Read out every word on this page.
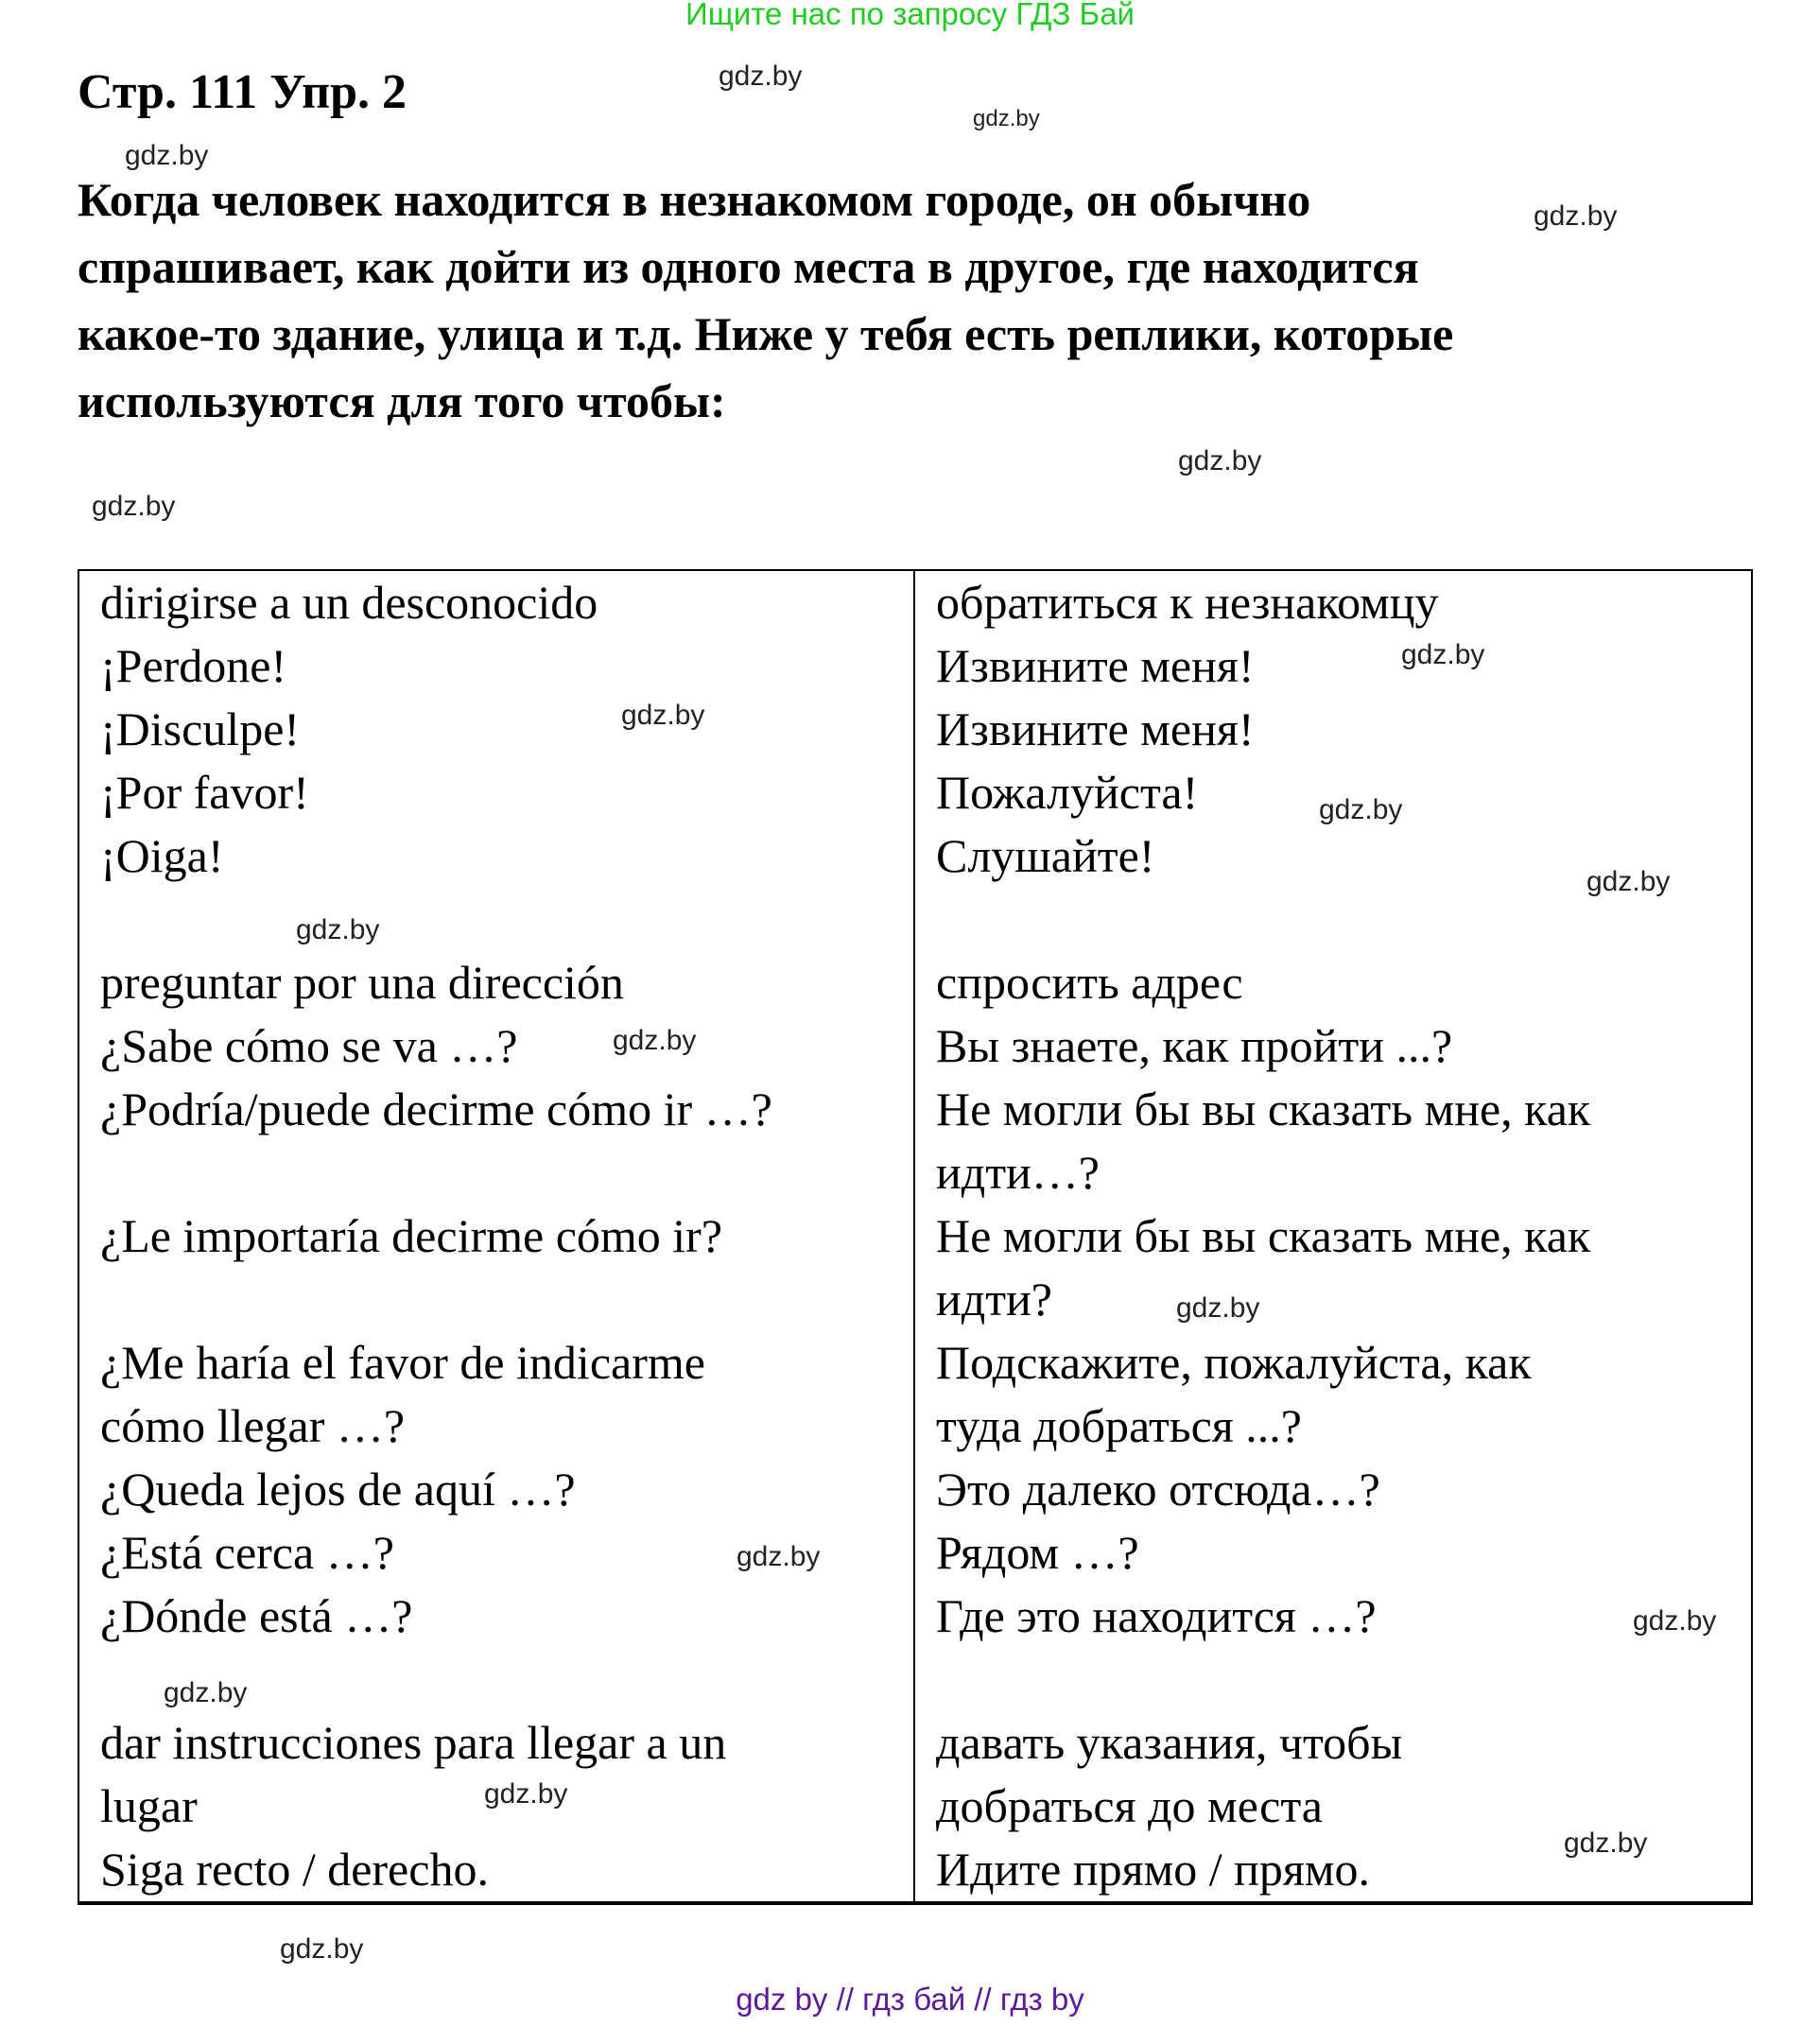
Ищите нас по запросу ГДЗ Бай
Стр. 111 Упр. 2
Когда человек находится в незнакомом городе, он обычно
спрашивает, как дойти из одного места в другое, где находится
какое-то здание, улица и т.д. Ниже у тебя есть реплики, которые
используются для того чтобы:
dirigirse a un desconocido
¡Perdone!
¡Disculpe!
¡Por favor!
¡Oiga!
preguntar por una dirección
¿Sabe cómo se va …?
¿Podría/puede decirme cómo ir …?
¿Le importaría decirme cómo ir?
¿Me haría el favor de indicarme
cómo llegar …?
¿Queda lejos de aquí …?
¿Está cerca …?
¿Dónde está …?
dar instrucciones para llegar a un
lugar
Siga recto / derecho.
обратиться к незнакомцу
Извините меня!
Извините меня!
Пожалуйста!
Слушайте!
спросить адрес
Вы знаете, как пройти ...?
Не могли бы вы сказать мне, как
идти…?
Не могли бы вы сказать мне, как
идти?
Подскажите, пожалуйста, как
туда добраться ...?
Это далеко отсюда…?
Рядом …?
Где это находится …?
давать указания, чтобы
добраться до места
Идите прямо / прямо.
gdz.by
gdz.by
gdz.by
gdz.by
gdz.by
gdz.by
gdz.by
gdz.by
gdz.by
gdz.by
gdz.by
gdz.by
gdz.by
gdz.by
gdz.by
gdz.by
gdz.by
gdz.by
gdz.by
gdz by // гдз бай // гдз by
